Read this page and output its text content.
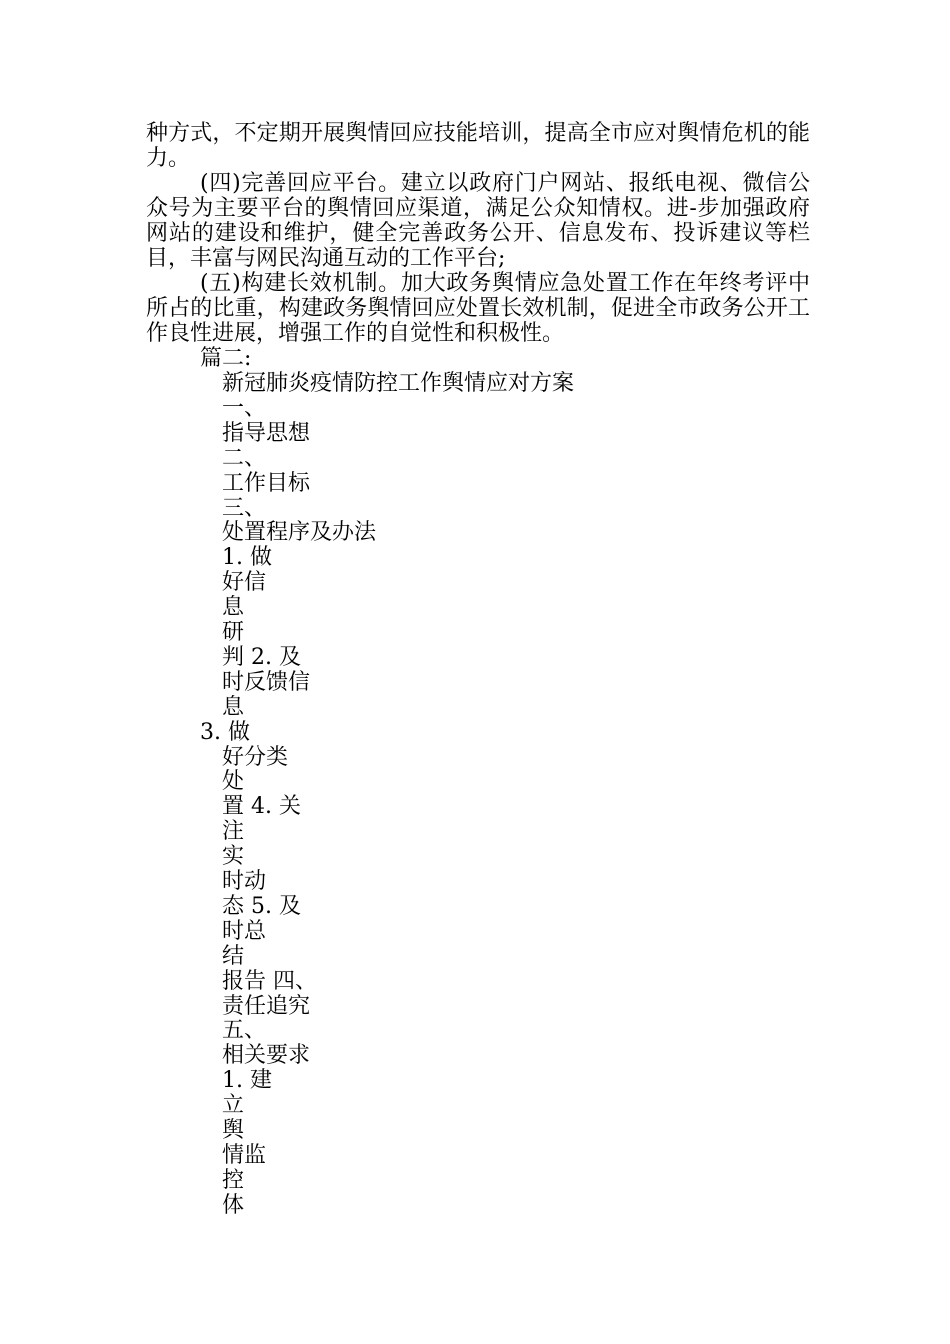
种方式，不定期开展舆情回应技能培训，提高全市应对舆情危机的能力。

(四)完善回应平台。建立以政府门户网站、报纸电视、微信公众号为主要平台的舆情回应渠道，满足公众知情权。进-步加强政府网站的建设和维护，健全完善政务公开、信息发布、投诉建议等栏目，丰富与网民沟通互动的工作平台;

(五)构建长效机制。加大政务舆情应急处置工作在年终考评中所占的比重，构建政务舆情回应处置长效机制，促进全市政务公开工作良性进展，增强工作的自觉性和积极性。

篇二:
新冠肺炎疫情防控工作舆情应对方案
一、
指导思想
二、
工作目标
三、
处置程序及办法
1. 做
好信
息
研
判 2. 及
时反馈信
息
3. 做
好分类
处
置 4. 关
注
实
时动
态 5. 及
时总
结
报告 四、
责任追究
五、
相关要求
1. 建
立
舆
情监
控
体
